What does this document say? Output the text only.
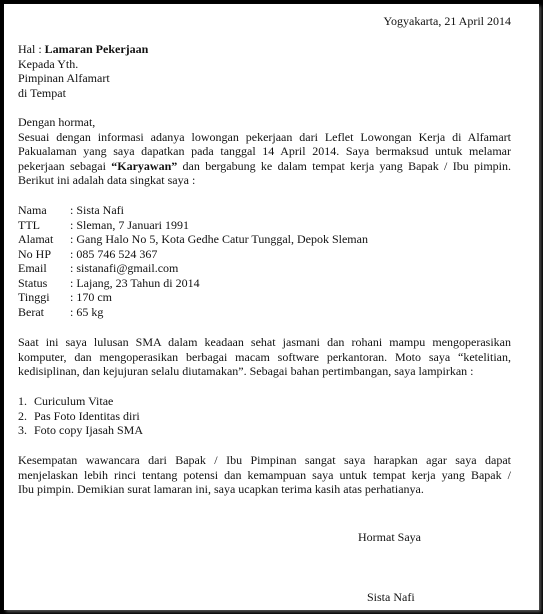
Yogyakarta, 21 April 2014
Hal : Lamaran Pekerjaan
Kepada Yth.
Pimpinan Alfamart
di Tempat
Dengan hormat,
Sesuai dengan informasi adanya lowongan pekerjaan dari Leflet Lowongan Kerja di Alfamart
Pakualaman yang saya dapatkan pada tanggal 14 April 2014. Saya bermaksud untuk melamar
pekerjaan sebagai “Karyawan” dan bergabung ke dalam tempat kerja yang Bapak / Ibu pimpin.
Berikut ini adalah data singkat saya :
Nama : Sista Nafi
TTL	: Sleman, 7 Januari 1991
Alamat : Gang Halo No 5, Kota Gedhe Catur Tunggal, Depok Sleman
No HP : 085 746 524 367
Email : sistanafi@gmail.com
Status : Lajang, 23 Tahun di 2014
Tinggi : 170 cm
Berat : 65 kg
Saat ini saya lulusan SMA dalam keadaan sehat jasmani dan rohani mampu mengoperasikan
komputer, dan mengoperasikan berbagai macam software perkantoran. Moto saya “ketelitian,
kedisiplinan, dan kejujuran selalu diutamakan”. Sebagai bahan pertimbangan, saya lampirkan :
1. Curiculum Vitae
2. Pas Foto Identitas diri
3. Foto copy Ijasah SMA
Kesempatan wawancara dari Bapak / Ibu Pimpinan sangat saya harapkan agar saya dapat
menjelaskan lebih rinci tentang potensi dan kemampuan saya untuk tempat kerja yang Bapak /
Ibu pimpin. Demikian surat lamaran ini, saya ucapkan terima kasih atas perhatianya.
Hormat Saya
Sista Nafi
